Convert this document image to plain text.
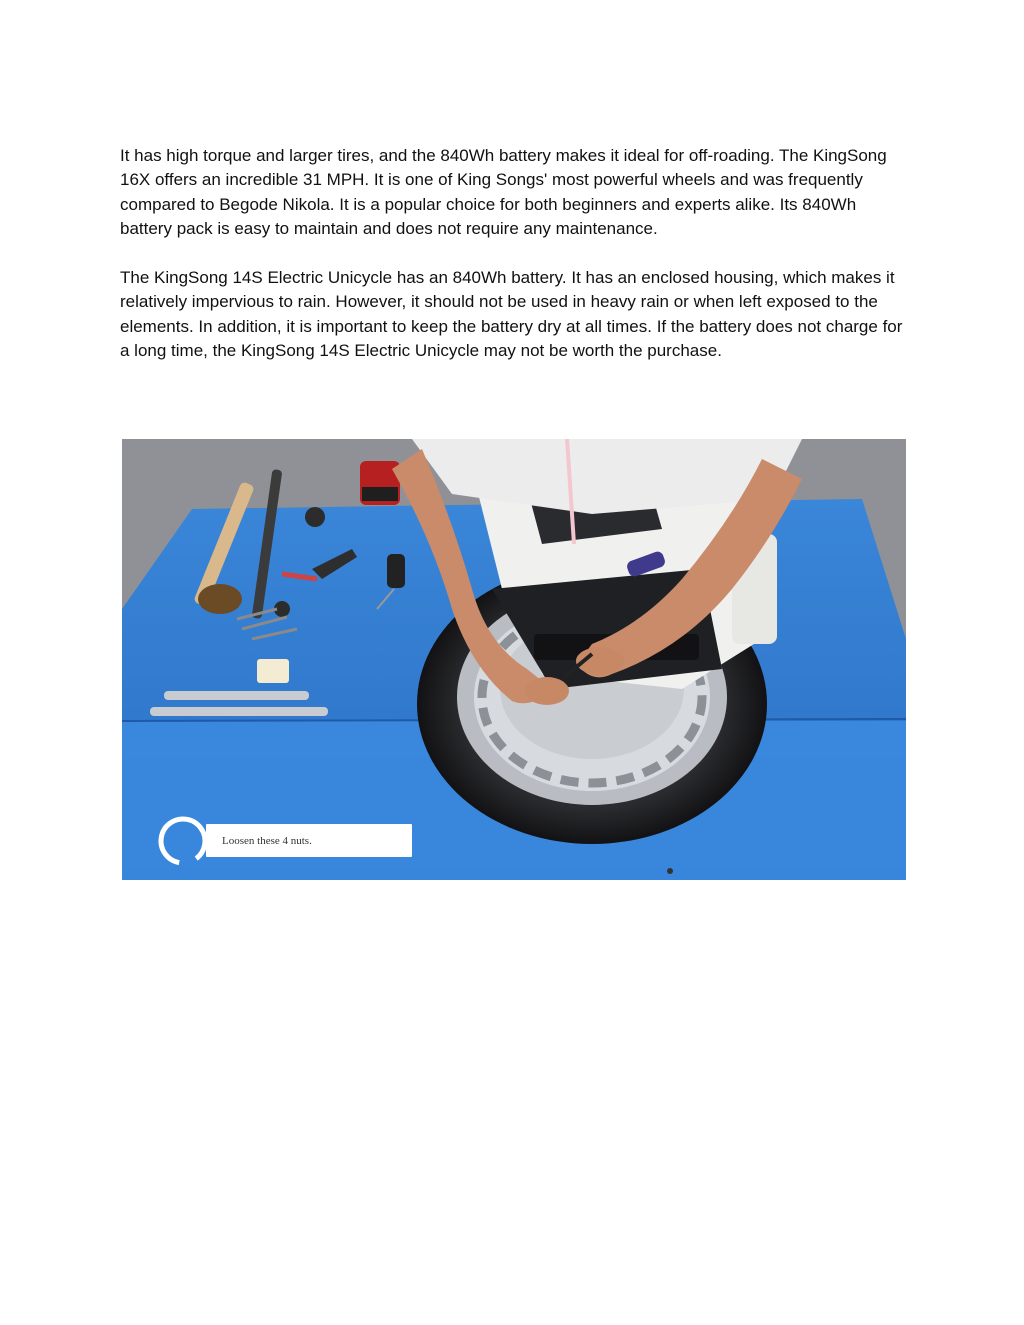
It has high torque and larger tires, and the 840Wh battery makes it ideal for off-roading. The KingSong 16X offers an incredible 31 MPH. It is one of King Songs' most powerful wheels and was frequently compared to Begode Nikola. It is a popular choice for both beginners and experts alike. Its 840Wh battery pack is easy to maintain and does not require any maintenance.

The KingSong 14S Electric Unicycle has an 840Wh battery. It has an enclosed housing, which makes it relatively impervious to rain. However, it should not be used in heavy rain or when left exposed to the elements. In addition, it is important to keep the battery dry at all times. If the battery does not charge for a long time, the KingSong 14S Electric Unicycle may not be worth the purchase.

Loosen these 4 nuts.
